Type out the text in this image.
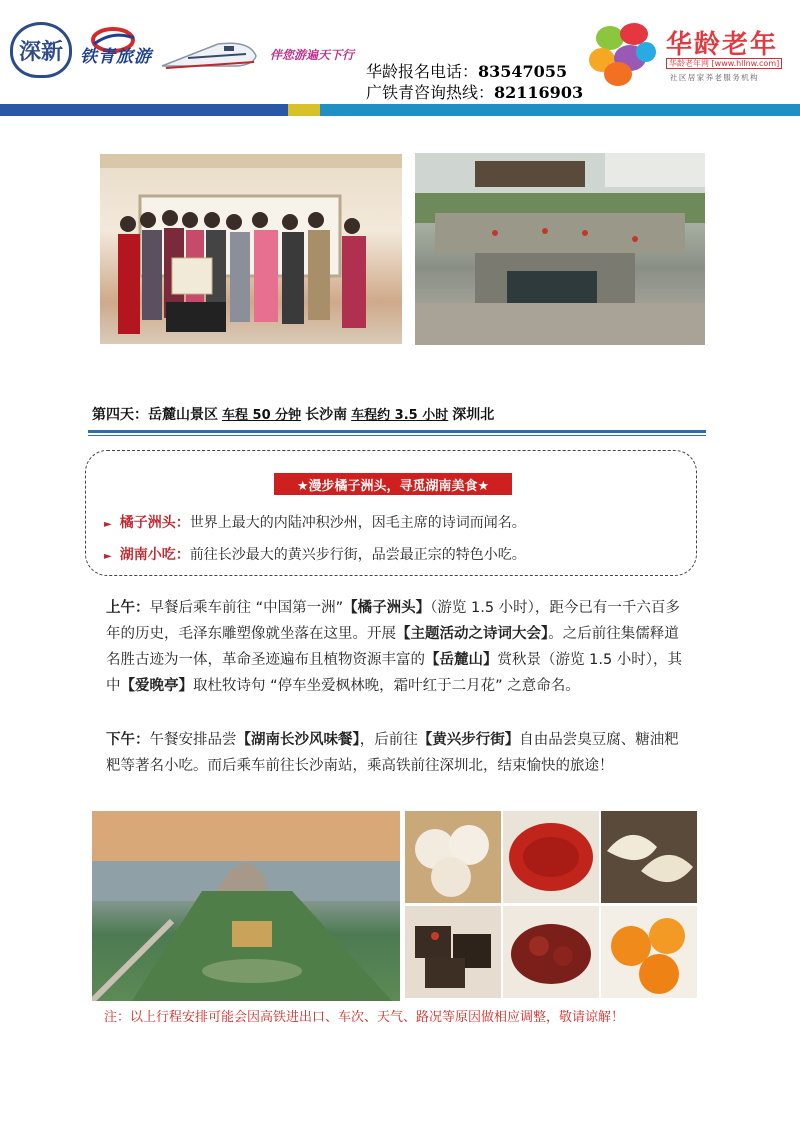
深新 铁青旅游	伴您游遍天下行
华龄报名电话：83547055
广铁青咨询热线：82116903
华龄老年
华龄老年网 [www.hllnw.com]
社区居家养老服务机构
第四天：岳麓山景区 车程 50 分钟 长沙南 车程约 3.5 小时 深圳北
★漫步橘子洲头，寻觅湖南美食★
► 橘子洲头：世界上最大的内陆冲积沙州，因毛主席的诗词而闻名。
► 湖南小吃：前往长沙最大的黄兴步行街，品尝最正宗的特色小吃。
上午：早餐后乘车前往 “中国第一洲”【橘子洲头】（游览 1.5 小时），距今已有一千六百多年的历史，毛泽东雕塑像就坐落在这里。开展【主题活动之诗词大会】。之后前往集儒释道名胜古迹为一体，革命圣迹遍布且植物资源丰富的【岳麓山】赏秋景（游览 1.5 小时），其中【爱晚亭】取杜牧诗句 “停车坐爱枫林晚，霜叶红于二月花” 之意命名。
下午：午餐安排品尝【湖南长沙风味餐】，后前往【黄兴步行街】自由品尝臭豆腐、糖油粑粑等著名小吃。而后乘车前往长沙南站，乘高铁前往深圳北，结束愉快的旅途！
注：以上行程安排可能会因高铁进出口、车次、天气、路况等原因做相应调整，敬请谅解！
